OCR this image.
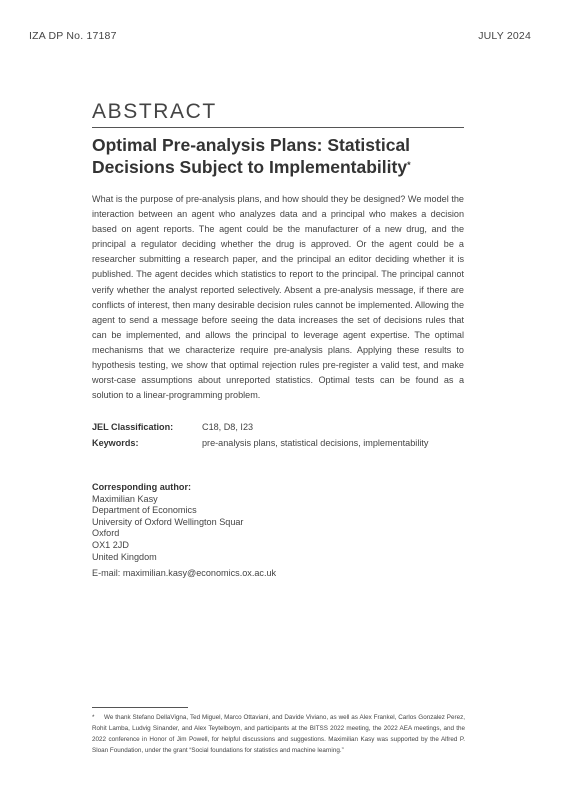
IZA DP No. 17187	JULY 2024
ABSTRACT
Optimal Pre-analysis Plans: Statistical Decisions Subject to Implementability*

What is the purpose of pre-analysis plans, and how should they be designed? We model the interaction between an agent who analyzes data and a principal who makes a decision based on agent reports. The agent could be the manufacturer of a new drug, and the principal a regulator deciding whether the drug is approved. Or the agent could be a researcher submitting a research paper, and the principal an editor deciding whether it is published. The agent decides which statistics to report to the principal. The principal cannot verify whether the analyst reported selectively. Absent a pre-analysis message, if there are conflicts of interest, then many desirable decision rules cannot be implemented. Allowing the agent to send a message before seeing the data increases the set of decisions rules that can be implemented, and allows the principal to leverage agent expertise. The optimal mechanisms that we characterize require pre-analysis plans. Applying these results to hypothesis testing, we show that optimal rejection rules pre-register a valid test, and make worst-case assumptions about unreported statistics. Optimal tests can be found as a solution to a linear-programming problem.

JEL Classification:	C18, D8, I23
Keywords:	pre-analysis plans, statistical decisions, implementability
Corresponding author:
Maximilian Kasy
Department of Economics
University of Oxford Wellington Squar
Oxford
OX1 2JD
United Kingdom
E-mail: maximilian.kasy@economics.ox.ac.uk

* We thank Stefano DellaVigna, Ted Miguel, Marco Ottaviani, and Davide Viviano, as well as Alex Frankel, Carlos Gonzalez Perez, Rohit Lamba, Ludvig Sinander, and Alex Teytelboym, and participants at the BITSS 2022 meeting, the 2022 AEA meetings, and the 2022 conference in Honor of Jim Powell, for helpful discussions and suggestions. Maximilian Kasy was supported by the Alfred P. Sloan Foundation, under the grant “Social foundations for statistics and machine learning.”
